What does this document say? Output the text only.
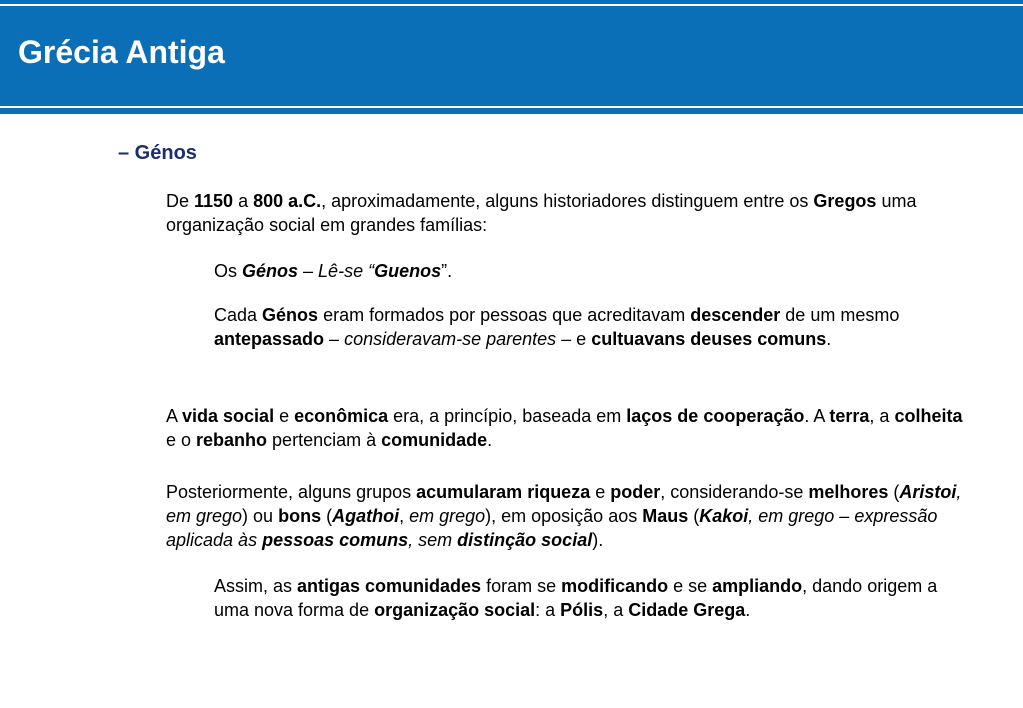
Grécia Antiga
– Génos

De 1150 a 800 a.C., aproximadamente, alguns historiadores distinguem entre os Gregos uma organização social em grandes famílias:

Os Génos – Lê-se “Guenos”.

Cada Génos eram formados por pessoas que acreditavam descender de um mesmo antepassado – consideravam-se parentes – e cultuavans deuses comuns.

A vida social e econômica era, a princípio, baseada em laços de cooperação. A terra, a colheita e o rebanho pertenciam à comunidade.

Posteriormente, alguns grupos acumularam riqueza e poder, considerando-se melhores (Aristoi, em grego) ou bons (Agathoi, em grego), em oposição aos Maus (Kakoi, em grego – expressão aplicada às pessoas comuns, sem distinção social).

Assim, as antigas comunidades foram se modificando e se ampliando, dando origem a uma nova forma de organização social: a Pólis, a Cidade Grega.
